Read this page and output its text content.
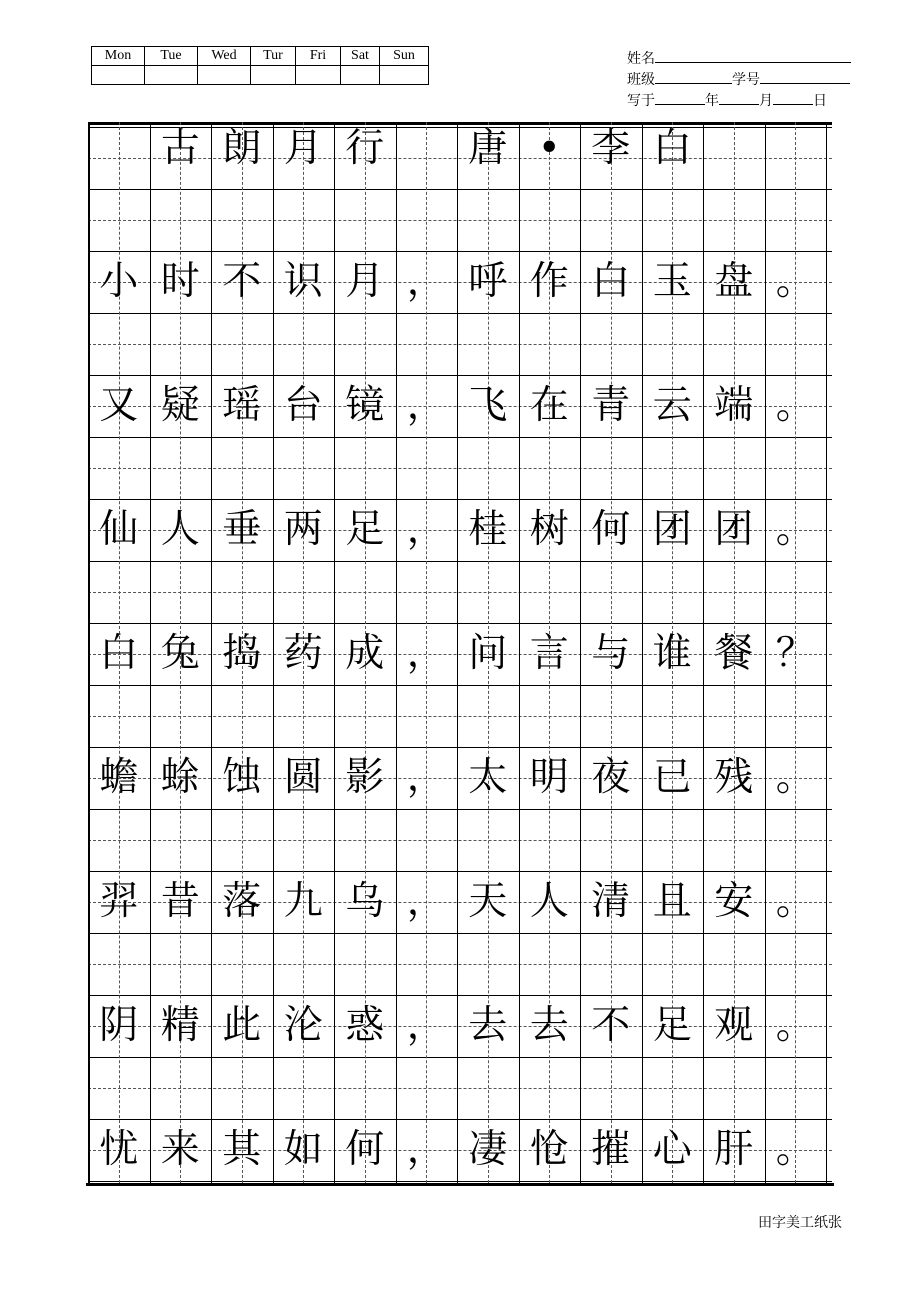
Mon	Tue	Wed	Tur	Fri	Sat	Sun
							姓名
班级	学号
写于	年	月	日
古 朗 月 行 唐 • 李 白
小 时 不 识 月 ， 呼 作 白 玉 盘 。
又 疑 瑶 台 镜 ， 飞 在 青 云 端 。
仙 人 垂 两 足 ， 桂 树 何 团 团 。
白 兔 捣 药 成 ， 问 言 与 谁 餐 ？
蟾 蜍 蚀 圆 影 ， 太 明 夜 已 残 。
羿 昔 落 九 乌 ， 天 人 清 且 安 。
阴 精 此 沦 惑 ， 去 去 不 足 观 。
忧 来 其 如 何 ， 凄 怆 摧 心 肝 。
田字美工纸张
